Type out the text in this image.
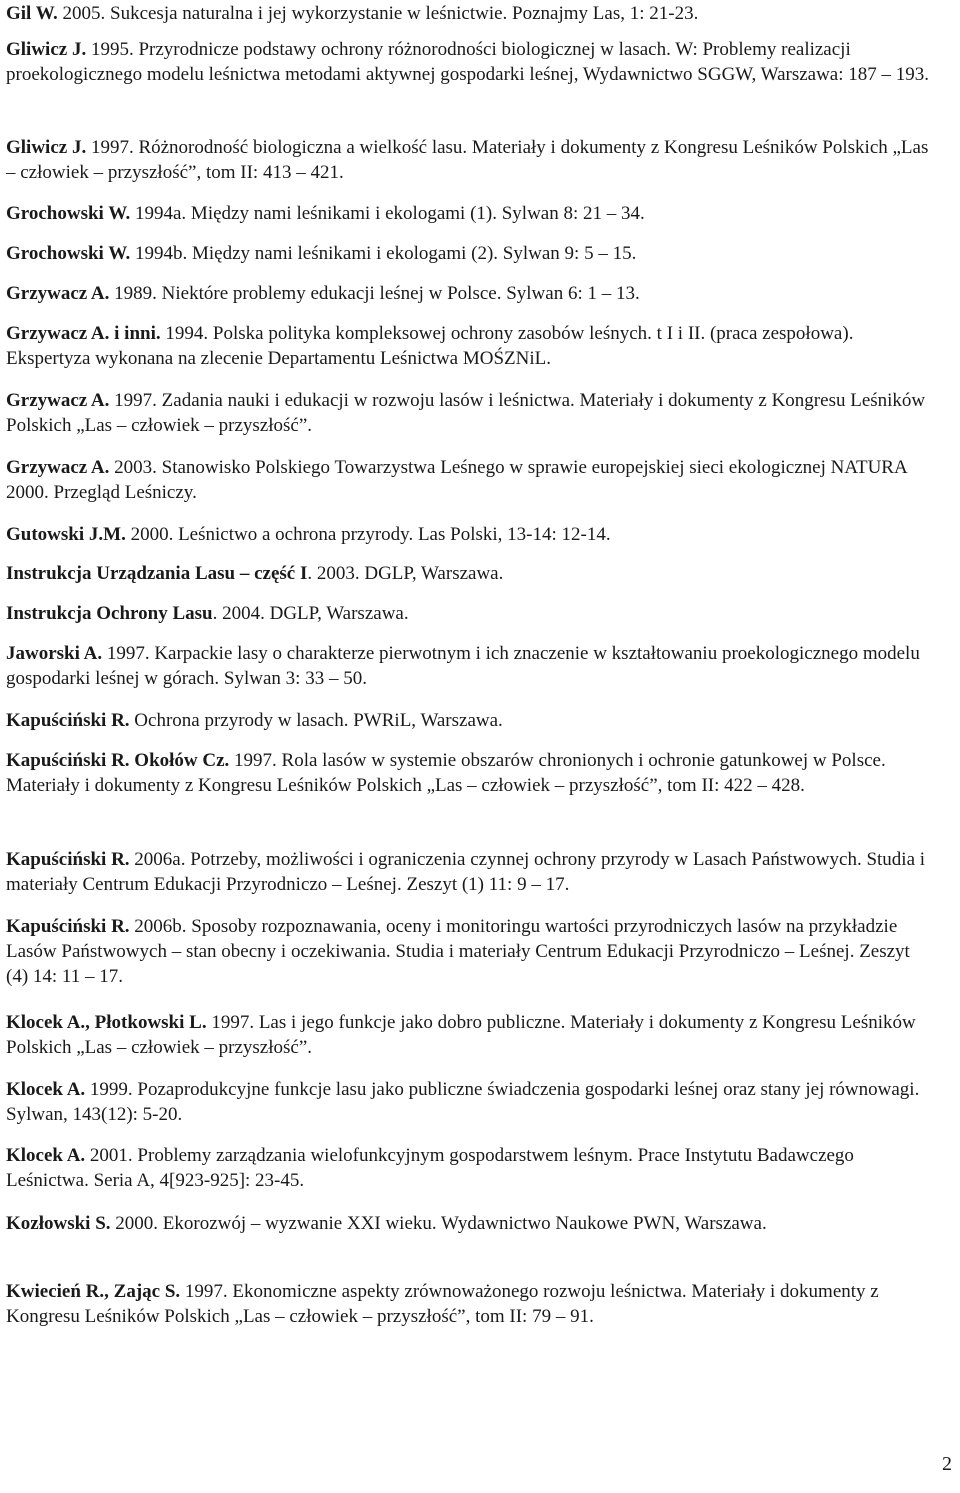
Gil W. 2005. Sukcesja naturalna i jej wykorzystanie w leśnictwie. Poznajmy Las, 1: 21-23.

Gliwicz J. 1995. Przyrodnicze podstawy ochrony różnorodności biologicznej w lasach. W: Problemy realizacji proekologicznego modelu leśnictwa metodami aktywnej gospodarki leśnej, Wydawnictwo SGGW, Warszawa: 187 – 193.

Gliwicz J. 1997. Różnorodność biologiczna a wielkość lasu. Materiały i dokumenty z Kongresu Leśników Polskich „Las – człowiek – przyszłość”, tom II: 413 – 421.

Grochowski W. 1994a. Między nami leśnikami i ekologami (1). Sylwan 8: 21 – 34.

Grochowski W. 1994b. Między nami leśnikami i ekologami (2). Sylwan 9: 5 – 15.

Grzywacz A. 1989. Niektóre problemy edukacji leśnej w Polsce. Sylwan 6: 1 – 13.

Grzywacz A. i inni. 1994. Polska polityka kompleksowej ochrony zasobów leśnych. t I i II. (praca zespołowa). Ekspertyza wykonana na zlecenie Departamentu Leśnictwa MOŚZNiL.

Grzywacz A. 1997. Zadania nauki i edukacji w rozwoju lasów i leśnictwa. Materiały i dokumenty z Kongresu Leśników Polskich „Las – człowiek – przyszłość”.

Grzywacz A. 2003. Stanowisko Polskiego Towarzystwa Leśnego w sprawie europejskiej sieci ekologicznej NATURA 2000. Przegląd Leśniczy.

Gutowski J.M. 2000. Leśnictwo a ochrona przyrody. Las Polski, 13-14: 12-14.

Instrukcja Urządzania Lasu – część I. 2003. DGLP, Warszawa.

Instrukcja Ochrony Lasu. 2004. DGLP, Warszawa.

Jaworski A. 1997. Karpackie lasy o charakterze pierwotnym i ich znaczenie w kształtowaniu proekologicznego modelu gospodarki leśnej w górach. Sylwan 3: 33 – 50.

Kapuściński R. Ochrona przyrody w lasach. PWRiL, Warszawa.

Kapuściński R. Okołów Cz. 1997. Rola lasów w systemie obszarów chronionych i ochronie gatunkowej w Polsce. Materiały i dokumenty z Kongresu Leśników Polskich „Las – człowiek – przyszłość”, tom II: 422 – 428.

Kapuściński R. 2006a. Potrzeby, możliwości i ograniczenia czynnej ochrony przyrody w Lasach Państwowych. Studia i materiały Centrum Edukacji Przyrodniczo – Leśnej. Zeszyt (1) 11: 9 – 17.

Kapuściński R. 2006b. Sposoby rozpoznawania, oceny i monitoringu wartości przyrodniczych lasów na przykładzie Lasów Państwowych – stan obecny i oczekiwania. Studia i materiały Centrum Edukacji Przyrodniczo – Leśnej. Zeszyt (4) 14: 11 – 17.

Klocek A., Płotkowski L. 1997. Las i jego funkcje jako dobro publiczne. Materiały i dokumenty z Kongresu Leśników Polskich „Las – człowiek – przyszłość”.

Klocek A. 1999. Pozaprodukcyjne funkcje lasu jako publiczne świadczenia gospodarki leśnej oraz stany jej równowagi. Sylwan, 143(12): 5-20.

Klocek A. 2001. Problemy zarządzania wielofunkcyjnym gospodarstwem leśnym. Prace Instytutu Badawczego Leśnictwa. Seria A, 4[923-925]: 23-45.

Kozłowski S. 2000. Ekorozwój – wyzwanie XXI wieku. Wydawnictwo Naukowe PWN, Warszawa.

Kwiecień R., Zając S. 1997. Ekonomiczne aspekty zrównoważonego rozwoju leśnictwa. Materiały i dokumenty z Kongresu Leśników Polskich „Las – człowiek – przyszłość”, tom II: 79 – 91.

2
